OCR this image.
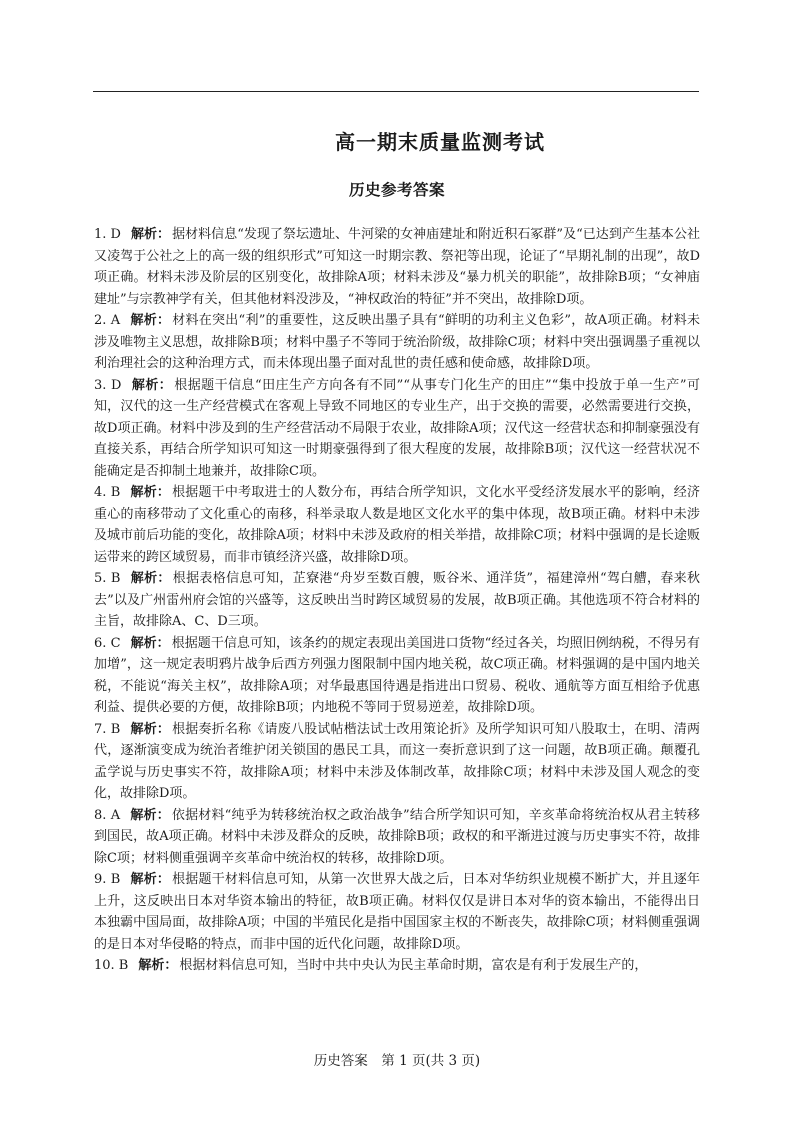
高一期末质量监测考试
历史参考答案
1. D 解析： 据材料信息“发现了祭坛遗址、牛河梁的女神庙建址和附近积石冢群”及“已达到产生基本公社又凌驾于公社之上的高一级的组织形式”可知这一时期宗教、祭祀等出现，论证了“早期礼制的出现”，故D项正确。材料未涉及阶层的区别变化，故排除A项；材料未涉及“暴力机关的职能”，故排除B项；“女神庙建址”与宗教神学有关，但其他材料没涉及，“神权政治的特征”并不突出，故排除D项。
2. A 解析： 材料在突出“利”的重要性，这反映出墨子具有“鲜明的功利主义色彩”，故A项正确。材料未涉及唯物主义思想，故排除B项；材料中墨子不等同于统治阶级，故排除C项；材料中突出强调墨子重视以利治理社会的这种治理方式，而未体现出墨子面对乱世的责任感和使命感，故排除D项。
3. D 解析： 根据题干信息“田庄生产方向各有不同”“从事专门化生产的田庄”“集中投放于单一生产”可知，汉代的这一生产经营模式在客观上导致不同地区的专业生产，出于交换的需要，必然需要进行交换，故D项正确。材料中涉及到的生产经营活动不局限于农业，故排除A项；汉代这一经营状态和抑制豪强没有直接关系，再结合所学知识可知这一时期豪强得到了很大程度的发展，故排除B项；汉代这一经营状况不能确定是否抑制土地兼并，故排除C项。
4. B 解析： 根据题干中考取进士的人数分布，再结合所学知识，文化水平受经济发展水平的影响，经济重心的南移带动了文化重心的南移，科举录取人数是地区文化水平的集中体现，故B项正确。材料中未涉及城市前后功能的变化，故排除A项；材料中未涉及政府的相关举措，故排除C项；材料中强调的是长途贩运带来的跨区域贸易，而非市镇经济兴盛，故排除D项。
5. B 解析： 根据表格信息可知，芷寮港“舟岁至数百艘，贩谷米、通洋货”，福建漳州“驾白艚，春来秋去”以及广州雷州府会馆的兴盛等，这反映出当时跨区域贸易的发展，故B项正确。其他选项不符合材料的主旨，故排除A、C、D三项。
6. C 解析： 根据题干信息可知，该条约的规定表现出美国进口货物“经过各关，均照旧例纳税，不得另有加增”，这一规定表明鸦片战争后西方列强力图限制中国内地关税，故C项正确。材料强调的是中国内地关税，不能说“海关主权”，故排除A项；对华最惠国待遇是指进出口贸易、税收、通航等方面互相给予优惠利益、提供必要的方便，故排除B项；内地税不等同于贸易逆差，故排除D项。
7. B 解析： 根据奏折名称《请废八股试帖楷法试士改用策论折》及所学知识可知八股取士，在明、清两代，逐渐演变成为统治者维护闭关锁国的愚民工具，而这一奏折意识到了这一问题，故B项正确。颠覆孔孟学说与历史事实不符，故排除A项；材料中未涉及体制改革，故排除C项；材料中未涉及国人观念的变化，故排除D项。
8. A 解析： 依据材料“纯乎为转移统治权之政治战争”结合所学知识可知，辛亥革命将统治权从君主转移到国民，故A项正确。材料中未涉及群众的反映，故排除B项；政权的和平渐进过渡与历史事实不符，故排除C项；材料侧重强调辛亥革命中统治权的转移，故排除D项。
9. B 解析： 根据题干材料信息可知，从第一次世界大战之后，日本对华纺织业规模不断扩大，并且逐年上升，这反映出日本对华资本输出的特征，故B项正确。材料仅仅是讲日本对华的资本输出，不能得出日本独霸中国局面，故排除A项；中国的半殖民化是指中国国家主权的不断丧失，故排除C项；材料侧重强调的是日本对华侵略的特点，而非中国的近代化问题，故排除D项。
10. B 解析： 根据材料信息可知，当时中共中央认为民主革命时期，富农是有利于发展生产的，
历史答案　第 1 页(共 3 页)
